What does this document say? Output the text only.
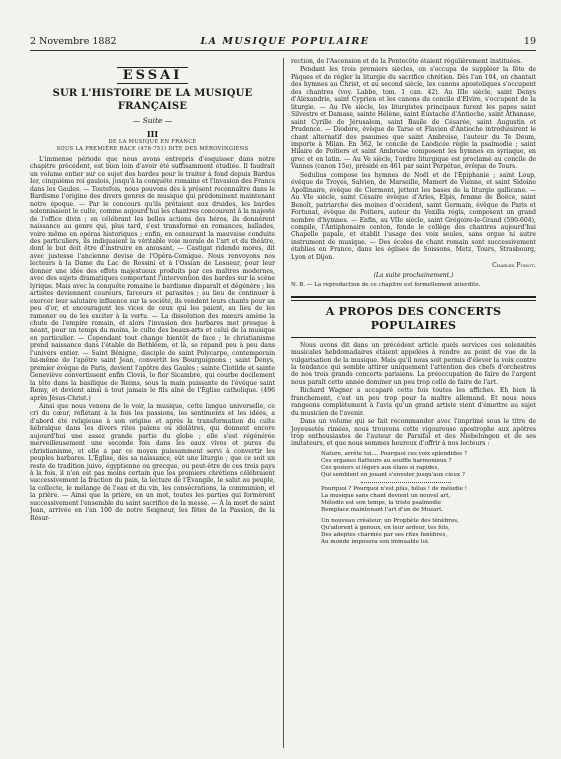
2 Novembre 1882	LA MUSIQUE POPULAIRE	19
ESSAI
SUR L'HISTOIRE DE LA MUSIQUE FRANÇAISE
— Suite —
III
DE LA MUSIQUE EN FRANCE
SOUS LA PREMIÈRE RACE (476-751) DITE DES MÉROVINGIENS

L'immense période que nous avons entrepris d'esquisser dans notre chapitre précédent, est bien loin d'avoir été suffisamment étudiée. Il faudrait un volume entier sur ce sujet des bardes pour le traiter à fond depuis Bardus Ier, cinquième roi gaulois, jusqu'à la conquête romaine et l'invasion des Francs dans les Gaules. — Toutefois, nous pouvons dès à présent reconnaître dans le Bardisme l'origine des divers genres de musique qui prédominent maintenant notre époque. — Par le concours qu'ils prêtaient aux druides, les bardes solennisaient le culte, comme aujourd'hui les chantres concourent à la majesté de l'office divin ; en célébrant les belles actions des héros, ils donnèrent naissance au genre qui, plus tard, s'est transformé en romances, ballades, voire même en opéras historiques ; enfin, en censurant la mauvaise conduite des particuliers, ils indiquaient la véritable voie morale de l'art et du théâtre, dont le but doit être d'instruire en amusant. — Castigat ridendo mores, dit avec justesse l'ancienne devise de l'Opéra-Comique. Nous renvoyons nos lecteurs à la Dame du Lac de Rossini et à l'Ossian de Lesueur, pour leur donner une idée des effets majestueux produits par ces maîtres modernes, avec des sujets dramatiques comportant l'intervention des bardes sur la scène lyrique. Mais avec la conquête romaine le bardisme disparaît et dégénère ; les artistes deviennent coureurs, farceurs et parasites ; au lieu de continuer à exercer leur salutaire influence sur la société, ils vendent leurs chants pour un peu d'or, et encouragent les vices de ceux qui les paient, au lieu de les ramener ou de les exciter à la vertu. — La dissolution des mœurs amène la chute de l'empire romain, et alors l'invasion des barbares met presque à néant, pour un temps du moins, le culte des beaux-arts et celui de la musique en particulier. — Cependant tout change bientôt de face ; le christianisme prend naissance dans l'étable de Bethléem, et là, se répand peu à peu dans l'univers entier. — Saint Bénigne, disciple de saint Polycarpe, contemporain lui-même de l'apôtre saint Jean, convertit les Bourguignons ; saint Denys, premier évêque de Paris, devient l'apôtre des Gaules ; sainte Clotilde et sainte Geneviève convertissent enfin Clovis, le fier Sicambre, qui courbe docilement la tête dans la basilique de Reims, sous la main puissante de l'évêque saint Remy, et devient ainsi à tout jamais le fils aîné de l'Église catholique. (496 après Jésus-Christ.)

Ainsi que nous venons de le voir, la musique, cette langue universelle, ce cri du cœur, reflétant à la fois les passions, les sentiments et les idées, a d'abord été religieuse à son origine et après la transformation du culte hébraïque dans les divers rites païens ou idolâtres, qui donnent encore aujourd'hui une assez grande partie du globe ; elle s'est régénérée merveilleusement une seconde fois dans les eaux vives et pures du christianisme, et elle a par ce moyen puissamment servi à convertir les peuples barbares. L'Église, dès sa naissance, eût une liturgie ; que ce soit un reste de tradition juive, égyptienne ou grecque, ou peut-être de ces trois pays à la fois, il n'en est pas moins certain que les premiers chrétiens célébraient successivement la fraction du pain, la lecture de l'Évangile, le salut au peuple, la collecte, le mélange de l'eau et du vin, les consécrations, la communion, et la prière. — Ainsi que la prière, en un mot, toutes les parties qui formèrent successivement l'ensemble du saint sacrifice de la messe. — À la mort de saint Jean, arrivée en l'an 100 de notre Seigneur, les fêtes de la Passion, de la Résur-

rection, de l'Ascension et de la Pentecôte étaient régulièrement instituées.

Pendant les trois premiers siècles, on s'occupa de suppléer la fête de Pâques et de régler la liturgie du sacrifice chrétien. Dès l'an 104, on chantait des hymnes au Christ, et au second siècle, les canons apostoliques s'occupent des chantres (voy. Labbe, tom. 1 can. 42). Au IIIe siècle, saint Denys d'Alexandrie, saint Cyprien et les canons du concile d'Elvire, s'occupent de la liturgie. — Au IVe siècle, les liturgistes principaux furent les papes saint Silvestre et Damase, sainte Hélène, saint Eustache d'Antioche, saint Athanase, saint Cyrille de Jérusalem, saint Basile de Césarée, saint Augustin et Prudence. — Diodore, évêque de Tarse et Flavien d'Antioche introduisirent le chant alternatif des psaumes que saint Ambroise, l'auteur du Te Deum, importe à Milan. En 362, le concile de Laodicée règle la psalmodie ; saint Hilaire de Poitiers et saint Ambroise composent les hymnes en syriaque, en grec et en latin. — Au Ve siècle, l'ordre liturgique est proclamé au concile de Vannes (canon 15e), présidé en 461 par saint Perpétue, évêque de Tours.

Sedulius compose les hymnes de Noël et de l'Épiphanie ; saint Loup, évêque de Troyes, Salvien, de Marseille, Mamert de Vienne, et saint Sidoine Apollinaire, évêque de Clermont, jettent les bases de la liturgie gallicane. — Au VIe siècle, saint Césaire évêque d'Arles, Elpis, femme de Boëce, saint Benoît, patriarche des moines d'occident, saint Germain, évêque de Paris et Fortunat, évêque de Poitiers, auteur du Vexilla régis, composent un grand nombre d'hymnes. — Enfin, au VIIe siècle, saint Grégoire-le-Grand (590-604), compile, l'Antiphonaire centon, fonde le collège des chantres aujourd'hui Chapelle papale, et établit l'usage des voix seules, sans orgue ni autre instrument de musique. — Des écoles de chant romain sont successivement établies en France, dans les églises de Soissons, Metz, Tours, Strasbourg, Lyon et Dijon.

Charles Poisot.
(La suite prochainement.)
N. B. — La reproduction de ce chapitre est formellement interdite.
A PROPOS DES CONCERTS POPULAIRES

Nous avons dit dans un précédent article quels services ces solennités musicales hebdomadaires étaient appelées à rendre au point de vue de la vulgarisation de la musique. Mais qu'il nous soit permis d'élever la voix contre la tendance qui semble attirer uniquement l'attention des chefs d'orchestres de nos trois grands concerts parisiens. La préoccupation de faire de l'argent nous paraît cette année dominer un peu trop celle de faire de l'art.

Richard Wagner a accaparé cette fois toutes les affiches. Eh bien là franchement, c'est un peu trop pour la maître allemand. Et nous nous rangeons complètement à l'avis qu'un grand artiste vient d'émettre au sujet du musicien de l'avenir.

Dans un volume qui se fait recommander avec l'imprimé sous le titre de Joyeusetés rimées, nous trouvons cette vigoureuse apostrophe aux apôtres trop enthousiastes de l'auteur de Parsifal et des Niebelungen et de ses imitateurs, et que nous sommes heureux d'offrir à nos lecteurs :

Nature, arrête toi.... Pourquoi ces voix splendides ?
Ces organes flatteurs au souffle harmonieux ?
Ces gosiers si légers aux élans si rapides,
Qui semblent en jouant s'envoler jusqu'aux cieux ?
Pourquoi ? Pourquoi n'est plus, hélas ! de mélodie !
La musique sans chant devient un nouvel art,
Mélodie est son temps, la triste psalmodie
Remplace maintenant l'art d'un de Mozart.
Un nouveau créateur, un Prophète des ténèbres,
Qu'adorent à genoux, en leur ardeur, tes fols,
Des adeptes charmés par ses rites funèbres,
Au monde imposera son immuable loi.
